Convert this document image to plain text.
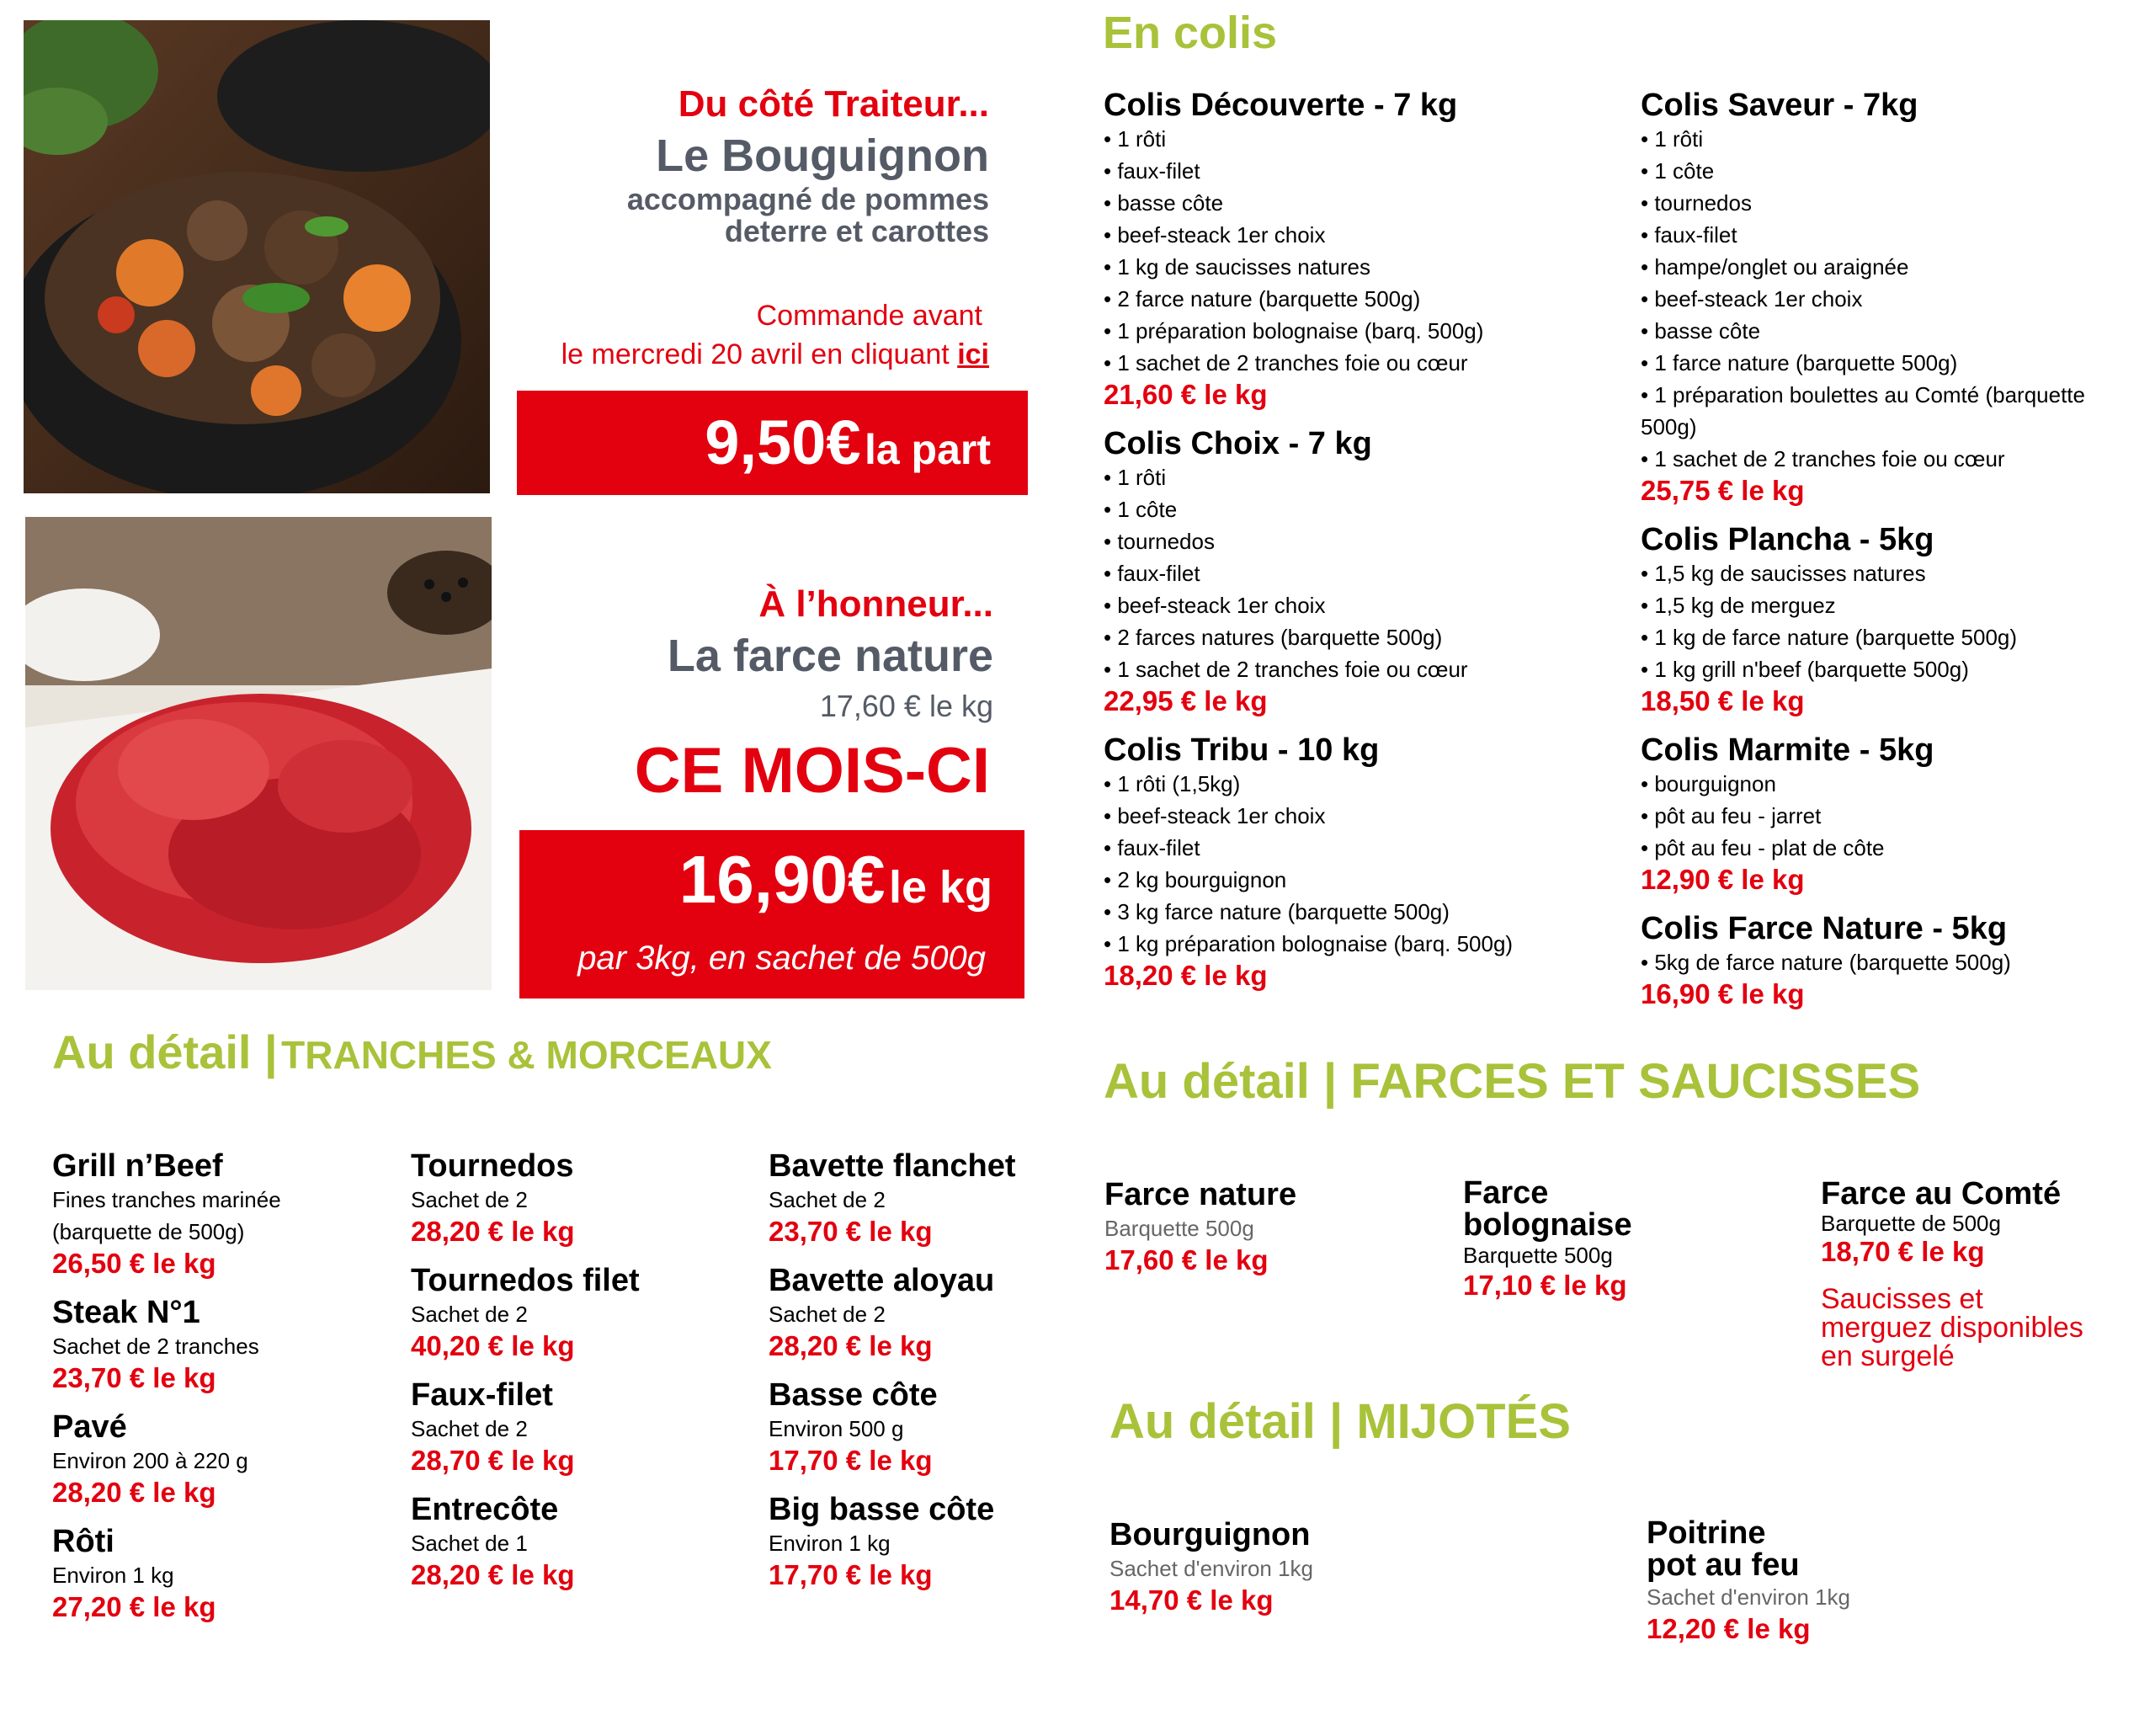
Du côté Traiteur...
Le Bouguignon
accompagné de pommes
deterre et carottes
Commande avant
le mercredi 20 avril en cliquant ici
9,50€ la part
À l’honneur...
La farce nature
17,60 € le kg
CE MOIS-CI
16,90€ le kg
par 3kg, en sachet de 500g
En colis
Colis Découverte - 7 kg
• 1 rôti
• faux-filet
• basse côte
• beef-steack 1er choix
• 1 kg de saucisses natures
• 2 farce nature (barquette 500g)
• 1 préparation bolognaise (barq. 500g)
• 1 sachet de 2 tranches foie ou cœur
21,60 € le kg
Colis Choix - 7 kg
• 1 rôti
• 1 côte
• tournedos
• faux-filet
• beef-steack 1er choix
• 2 farces natures (barquette 500g)
• 1 sachet de 2 tranches foie ou cœur
22,95 € le kg
Colis Tribu - 10 kg
• 1 rôti (1,5kg)
• beef-steack 1er choix
• faux-filet
• 2 kg bourguignon
• 3 kg farce nature (barquette 500g)
• 1 kg préparation bolognaise (barq. 500g)
18,20 € le kg
Colis Saveur - 7kg
• 1 rôti
• 1 côte
• tournedos
• faux-filet
• hampe/onglet ou araignée
• beef-steack 1er choix
• basse côte
• 1 farce nature (barquette 500g)
• 1 préparation boulettes au Comté (barquette 500g)
• 1 sachet de 2 tranches foie ou cœur
25,75 € le kg
Colis Plancha - 5kg
• 1,5 kg de saucisses natures
• 1,5 kg de merguez
• 1 kg de farce nature (barquette 500g)
• 1 kg grill n'beef (barquette 500g)
18,50 € le kg
Colis Marmite - 5kg
• bourguignon
• pôt au feu - jarret
• pôt au feu - plat de côte
12,90 € le kg
Colis Farce Nature - 5kg
• 5kg de farce nature (barquette 500g)
16,90 € le kg
Au détail | TRANCHES & MORCEAUX
Grill n’Beef
Fines tranches marinée (barquette de 500g)
26,50 € le kg
Steak N°1
Sachet de 2 tranches
23,70 € le kg
Pavé
Environ 200 à 220 g
28,20 € le kg
Rôti
Environ 1 kg
27,20 € le kg
Tournedos
Sachet de 2
28,20 € le kg
Tournedos filet
Sachet de 2
40,20 € le kg
Faux-filet
Sachet de 2
28,70 € le kg
Entrecôte
Sachet de 1
28,20 € le kg
Bavette flanchet
Sachet de 2
23,70 € le kg
Bavette aloyau
Sachet de 2
28,20 € le kg
Basse côte
Environ 500 g
17,70 € le kg
Big basse côte
Environ 1 kg
17,70 € le kg
Au détail | FARCES ET SAUCISSES
Farce nature
Barquette 500g
17,60 € le kg
Farce
bolognaise
Barquette 500g
17,10 € le kg
Farce au Comté
Barquette de 500g
18,70 € le kg
Saucisses et
merguez disponibles
en surgelé
Au détail | MIJOTÉS
Bourguignon
Sachet d'environ 1kg
14,70 € le kg
Poitrine
pot au feu
Sachet d'environ 1kg
12,20 € le kg
